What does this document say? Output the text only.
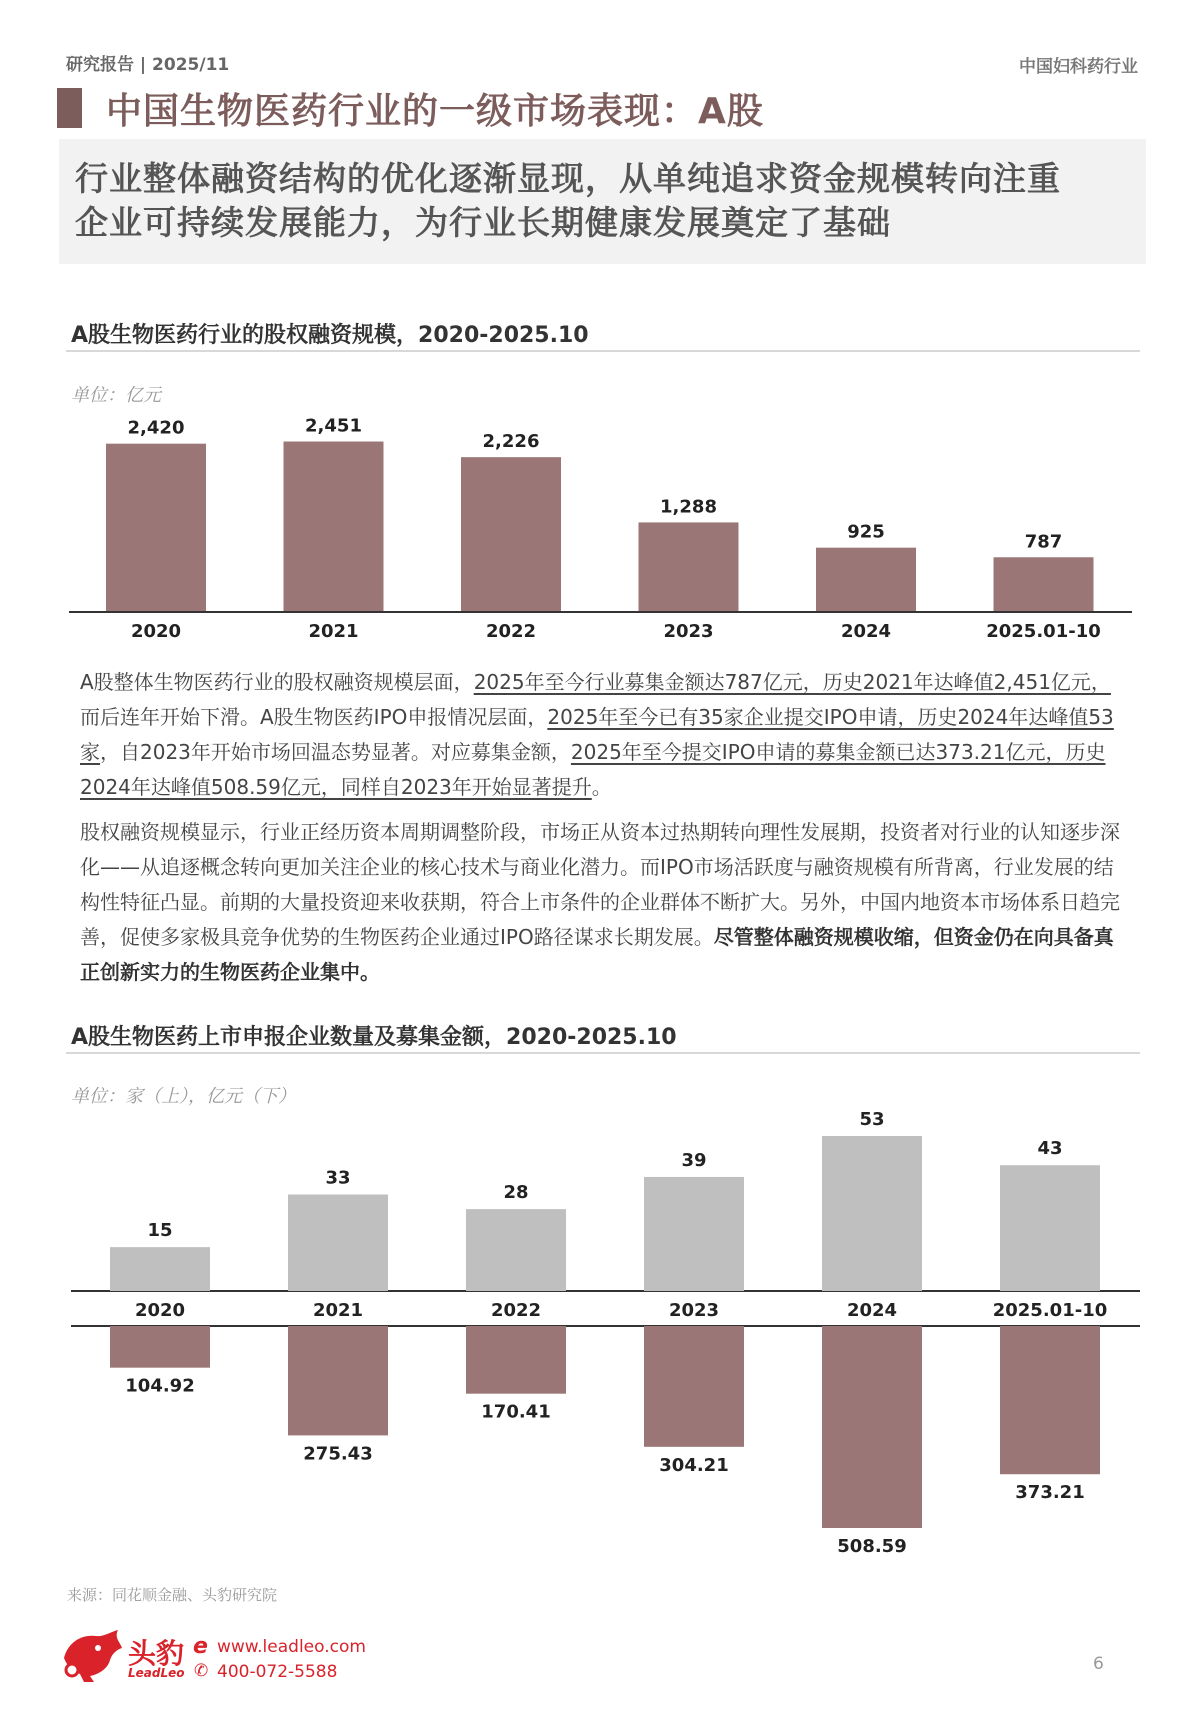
研究报告 | 2025/11	中国妇科药行业
中国生物医药行业的一级市场表现：A股
行业整体融资结构的优化逐渐显现，从单纯追求资金规模转向注重
企业可持续发展能力，为行业长期健康发展奠定了基础
A股生物医药行业的股权融资规模，2020-2025.10
单位：亿元
2,420
2020
2,451
2021
2,226
2022
1,288
2023
925
2024
787
2025.01-10
A股整体生物医药行业的股权融资规模层面，2025年至今行业募集金额达787亿元，历史2021年达峰值2,451亿元，而后连年开始下滑。A股生物医药IPO申报情况层面，2025年至今已有35家企业提交IPO申请，历史2024年达峰值53家，自2023年开始市场回温态势显著。对应募集金额，2025年至今提交IPO申请的募集金额已达373.21亿元，历史2024年达峰值508.59亿元，同样自2023年开始显著提升。
股权融资规模显示，行业正经历资本周期调整阶段，市场正从资本过热期转向理性发展期，投资者对行业的认知逐步深化——从追逐概念转向更加关注企业的核心技术与商业化潜力。而IPO市场活跃度与融资规模有所背离，行业发展的结构性特征凸显。前期的大量投资迎来收获期，符合上市条件的企业群体不断扩大。另外，中国内地资本市场体系日趋完善，促使多家极具竞争优势的生物医药企业通过IPO路径谋求长期发展。尽管整体融资规模收缩，但资金仍在向具备真正创新实力的生物医药企业集中。
A股生物医药上市申报企业数量及募集金额，2020-2025.10
单位：家（上），亿元（下）
15
2020
104.92
33
2021
275.43
28
2022
170.41
39
2023
304.21
53
2024
508.59
43
2025.01-10
373.21
来源：同花顺金融、头豹研究院
头豹
LeadLeo
e www.leadleo.com
✆ 400-072-5588	6
